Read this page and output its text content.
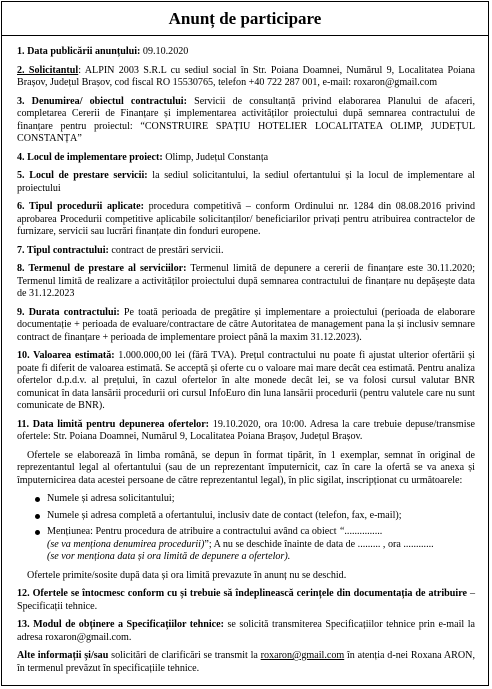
Anunț de participare
1. Data publicării anunțului: 09.10.2020
2. Solicitantul: ALPIN 2003 S.R.L cu sediul social în Str. Poiana Doamnei, Numărul 9, Localitatea Poiana Brașov, Județul Brașov, cod fiscal RO 15530765, telefon +40 722 287 001, e-mail: roxaron@gmail.com
3. Denumirea/ obiectul contractului: Servicii de consultanță privind elaborarea Planului de afaceri, completarea Cererii de Finanțare și implementarea activităților proiectului după semnarea contractului de finanțare pentru proiectul: “CONSTRUIRE SPAȚIU HOTELIER LOCALITATEA OLIMP, JUDEȚUL CONSTANȚA”
4. Locul de implementare proiect: Olimp, Județul Constanța
5. Locul de prestare servicii: la sediul solicitantului, la sediul ofertantului și la locul de implementare al proiectului
6. Tipul procedurii aplicate: procedura competitivă – conform Ordinului nr. 1284 din 08.08.2016 privind aprobarea Procedurii competitive aplicabile solicitanților/ beneficiarilor privați pentru atribuirea contractelor de furnizare, servicii sau lucrări finanțate din fonduri europene.
7. Tipul contractului: contract de prestări servicii.
8. Termenul de prestare al serviciilor: Termenul limită de depunere a cererii de finanțare este 30.11.2020; Termenul limită de realizare a activităților proiectului după semnarea contractului de finanțare nu depășește data de 31.12.2023
9. Durata contractului: Pe toată perioada de pregătire și implementare a proiectului (perioada de elaborare documentație + perioada de evaluare/contractare de către Autoritatea de management pana la și inclusiv semnare contract de finanțare + perioada de implementare proiect până la maxim 31.12.2023).
10. Valoarea estimată: 1.000.000,00 lei (fără TVA). Prețul contractului nu poate fi ajustat ulterior ofertării și poate fi diferit de valoarea estimată. Se acceptă și oferte cu o valoare mai mare decât cea estimată. Pentru analiza ofertelor d.p.d.v. al prețului, în cazul ofertelor în alte monede decât lei, se va folosi cursul valutar BNR comunicat în data lansării procedurii ori cursul InfoEuro din luna lansării procedurii (pentru valutele care nu sunt comunicate de BNR).
11. Data limită pentru depunerea ofertelor: 19.10.2020, ora 10:00. Adresa la care trebuie depuse/transmise ofertele: Str. Poiana Doamnei, Numărul 9, Localitatea Poiana Brașov, Județul Brașov.
Ofertele se elaborează în limba română, se depun în format tipărit, în 1 exemplar, semnat în original de reprezentantul legal al ofertantului (sau de un reprezentant împuternicit, caz în care la ofertă se va anexa și împuternicirea data acestei persoane de către reprezentantul legal), în plic sigilat, inscripționat cu următoarele:
Numele și adresa solicitantului;
Numele și adresa completă a ofertantului, inclusiv date de contact (telefon, fax, e-mail);
Mențiunea: Pentru procedura de atribuire a contractului având ca obiect “...............
(se va menționa denumirea procedurii)”; A nu se deschide înainte de data de ......... , ora ............
(se vor menționa data și ora limită de depunere a ofertelor).
Ofertele primite/sosite după data și ora limită prevazute în anunț nu se deschid.
12. Ofertele se întocmesc conform cu și trebuie să îndeplinească cerințele din documentația de atribuire – Specificații tehnice.
13. Modul de obținere a Specificațiilor tehnice: se solicită transmiterea Specificațiilor tehnice prin e-mail la adresa roxaron@gmail.com.
Alte informații și/sau solicitări de clarificări se transmit la roxaron@gmail.com în atenția d-nei Roxana ARON, în termenul prevăzut în specificațiile tehnice.
